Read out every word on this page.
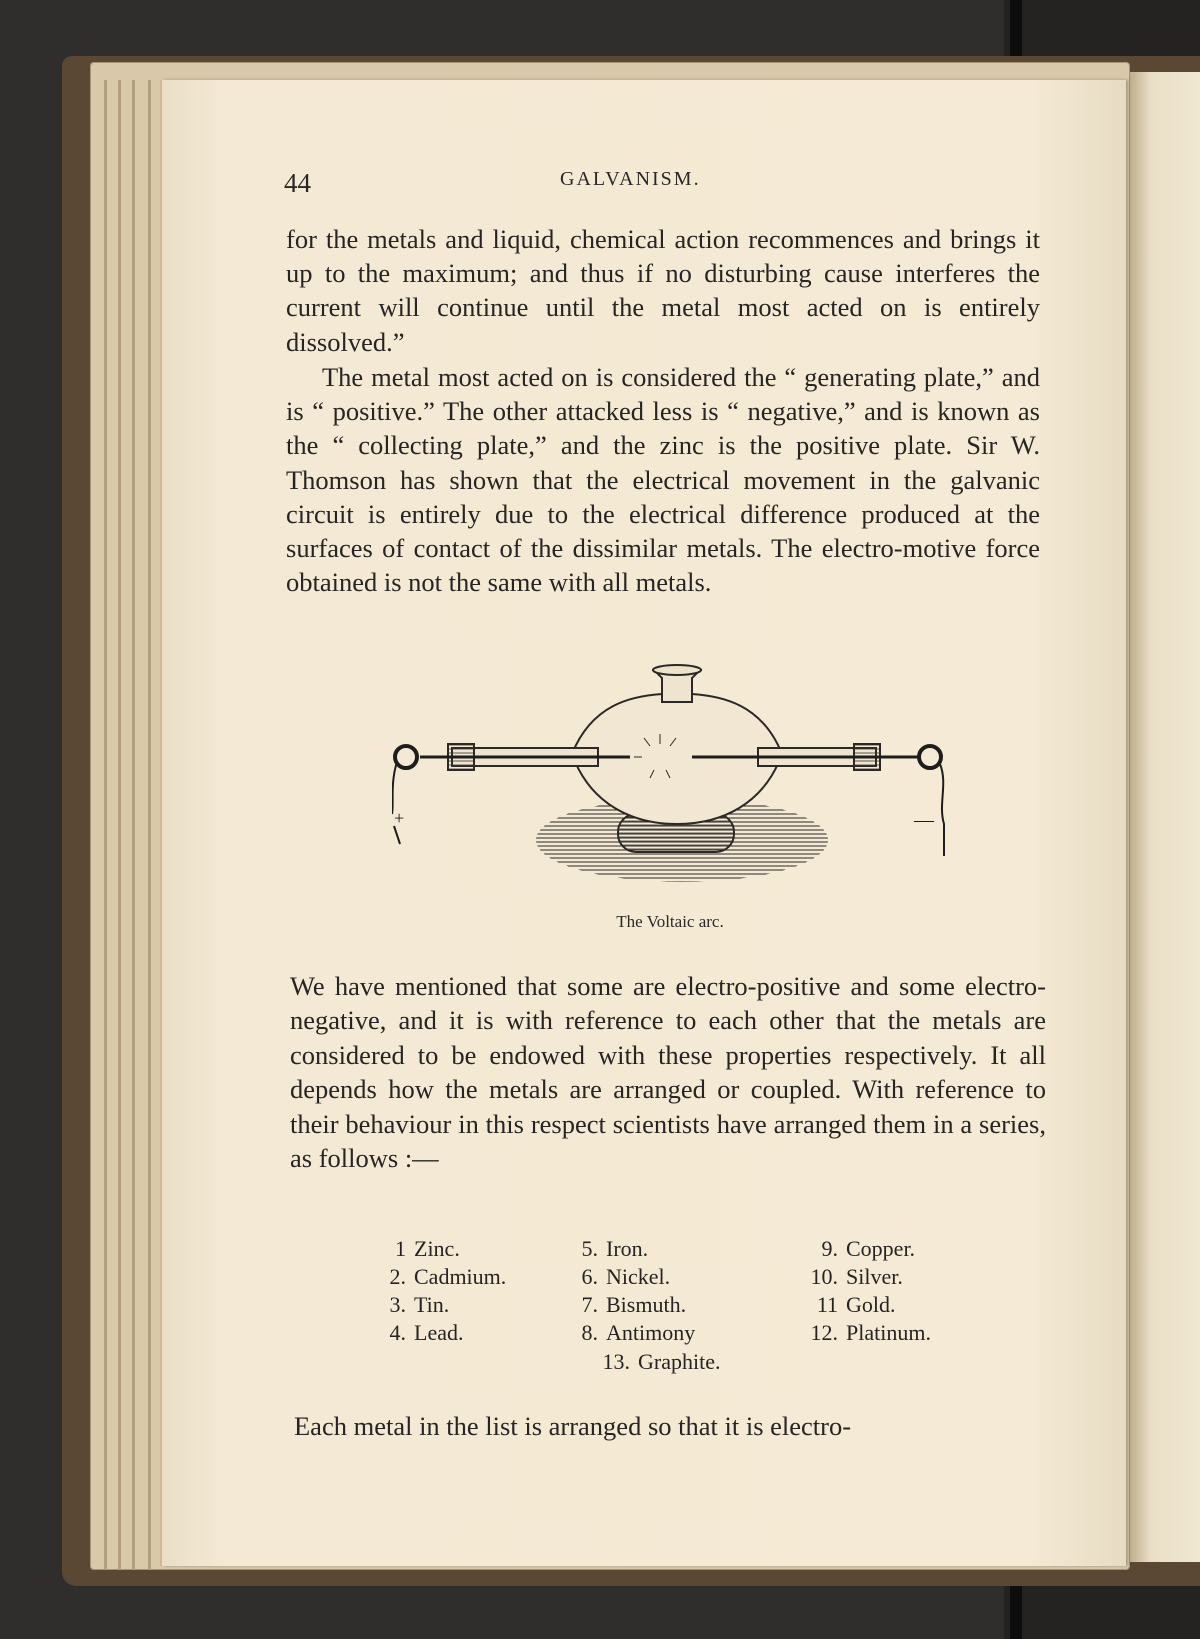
44	GALVANISM.

for the metals and liquid, chemical action recommences and brings it up to the maximum; and thus if no disturbing cause interferes the current will continue until the metal most acted on is entirely dissolved.”

The metal most acted on is considered the “ generating plate,” and is “ positive.” The other attacked less is “ negative,” and is known as the “ collecting plate,” and the zinc is the positive plate. Sir W. Thomson has shown that the electrical movement in the galvanic circuit is entirely due to the electrical difference produced at the surfaces of contact of the dissimilar metals. The electro-motive force obtained is not the same with all metals.

+	—

The Voltaic arc.

We have mentioned that some are electro-positive and some electro-negative, and it is with reference to each other that the metals are considered to be endowed with these properties respectively. It all depends how the metals are arranged or coupled. With reference to their behaviour in this respect scientists have arranged them in a series, as follows :—

1 Zinc.
2. Cadmium.
3. Tin.
4. Lead.
5. Iron.
6. Nickel.
7. Bismuth.
8. Antimony
9. Copper.
10. Silver.
11 Gold.
12. Platinum.
13. Graphite.

Each metal in the list is arranged so that it is electro-
